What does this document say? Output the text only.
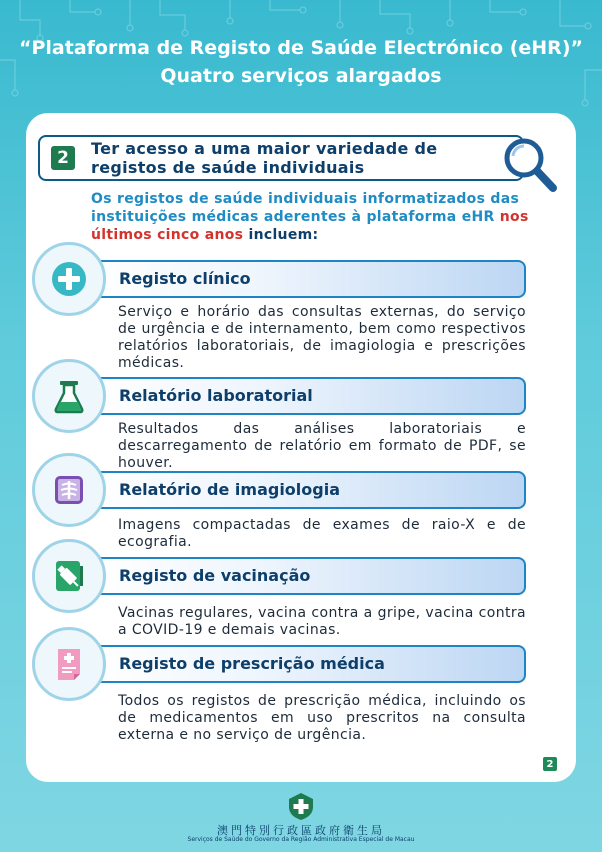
“Plataforma de Registo de Saúde Electrónico (eHR)”
Quatro serviços alargados
2	Ter acesso a uma maior variedade de
registos de saúde individuais
Os registos de saúde individuais informatizados das instituições médicas aderentes à plataforma eHR nos últimos cinco anos incluem:
Registo clínico
Serviço e horário das consultas externas, do serviço de urgência e de internamento, bem como respectivos relatórios laboratoriais, de imagiologia e prescrições médicas.
Relatório laboratorial
Resultados das análises laboratoriais e descarregamento de relatório em formato de PDF, se houver.
Relatório de imagiologia
Imagens compactadas de exames de raio-X e de ecografia.
Registo de vacinação
Vacinas regulares, vacina contra a gripe, vacina contra a COVID-19 e demais vacinas.
Registo de prescrição médica
Todos os registos de prescrição médica, incluindo os de medicamentos em uso prescritos na consulta externa e no serviço de urgência.
2
澳門特別行政區政府衛生局
Serviços de Saúde do Governo da Região Administrativa Especial de Macau
